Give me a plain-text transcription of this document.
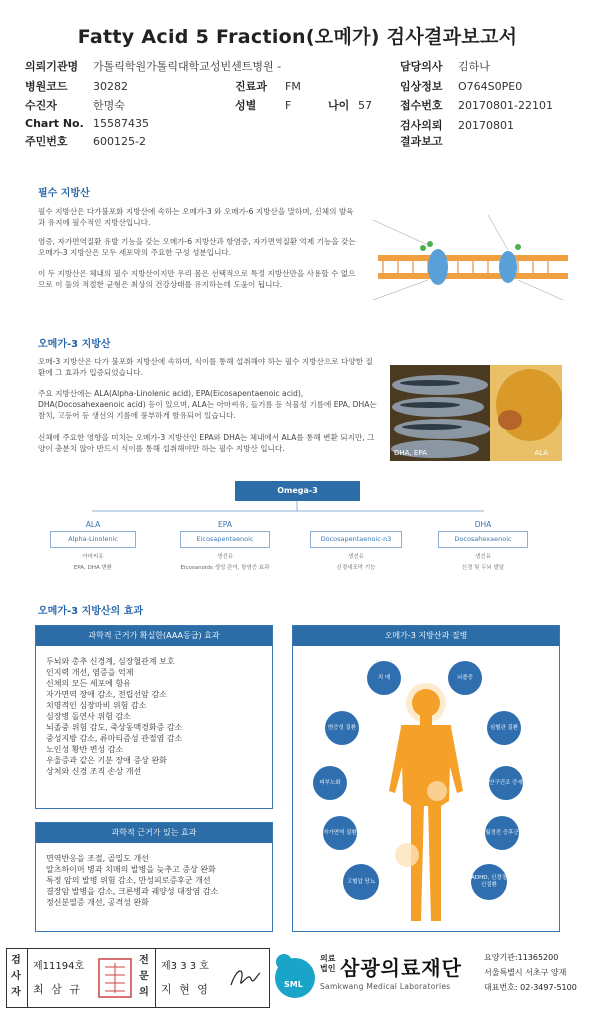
Fatty Acid 5 Fraction(오메가) 검사결과보고서
의뢰기관명 가톨릭학원가톨릭대학교성빈센트병원 -
병원코드 30282	진료과 FM
수진자	한명숙	성별	F	나이 57
Chart No. 15587435
주민번호 600125-2
담당의사 김하나
임상정보 O764S0PE0
접수번호 20170801-22101
검사의뢰 20170801
결과보고
필수 지방산
필수 지방산은 다가불포화 지방산에 속하는 오메가-3 와 오메가-6 지방산을 말하며, 신체의 발육과 유지에 필수적인 지방산입니다.
염증, 자가면역질환 유발 기능을 갖는 오메가-6 지방산과 항염증, 자가면역질환 억제 기능을 갖는 오메가-3 지방산은 모두 세포막의 주요한 구성 성분입니다.
이 두 지방산은 체내의 필수 지방산이지만 우리 몸은 선택적으로 특정 지방산만을 사용할 수 없으므로 이 둘의 적절한 균형은 최상의 건강상태를 유지하는데 도움이 됩니다.
오메가-3 지방산
오메-3 지방산은 다가 불포화 지방산에 속하며, 식이를 통해 섭취해야 하는 필수 지방산으로 다양한 질환에 그 효과가 입증되었습니다.
주요 지방산에는 ALA(Alpha-Linolenic acid), EPA(Eicosapentaenoic acid), DHA(Docosahexaenoic acid) 등이 있으며, ALA는 아마씨유, 들기름 등 식물성 기름에 EPA, DHA는 참치, 고등어 등 생선의 기름에 풍부하게 함유되어 있습니다.
신체에 주요한 영향을 미치는 오메가-3 지방산인 EPA와 DHA는 체내에서 ALA를 통해 변환 되지만, 그 양이 충분치 않아 반드시 식이를 통해 섭취해야만 하는 필수 지방산 입니다.	DHA, EPA	ALA
Omega-3
ALA
Alpha-Linolenic
아마씨유
EPA, DHA 변환
EPA
Eicosapentaenoic
생선유
Eicosanoids 생성 관여, 항염증 효과
Docosapentaenoic-n3
생선유
신경세포막 기능
DHA
Docosahexaenoic
생선유
신경 및 두뇌 발달
오메가-3 지방산의 효과
과학적 근거가 확실한(AAA등급) 효과
두뇌와 총추 신경계, 심장혈관계 보호
인지력 개선, 염증을 억제
신체의 모든 세포에 함유
자가면역 장애 감소, 전립선암 감소
치명적인 심장마비 위험 감소
심장병 돌연사 위험 감소
뇌졸중 위험 감도, 죽상동맥경화증 감소
중성지방 감소, 류마티즘성 관절염 감소
노인성 황반 변성 감소
우울증과 같은 기분 장애 증상 완화
상처와 신경 조직 손상 개선
과학적 근거가 있는 효과
면역반응을 조절, 골밀도 개선
알츠하이머 병과 치매의 발병을 늦추고 증상 완화
특정 암의 발병 위험 감소, 만성피로증후군 개선
결장암 발병을 감소, 크론병과 궤양성 대장염 감소
정신분열증 개선, 공격성 완화
오메가-3 지방산과 질병
치 매	뇌졸중
변증성 질환	심혈관 질환
피부노화	안구건조 증세
자가면역 질환	월경전 증후군
고혈압 당뇨
ADHD, 신경정신질환
검사자
제11194호
최 삼 규
전문의
제3 3 3 호
지 현 영	SML
의료법인 삼광의료재단
Samkwang Medical Laboratories
요양기관:11365200
서울특별시 서초구 양재
대표번호: 02-3497-5100
